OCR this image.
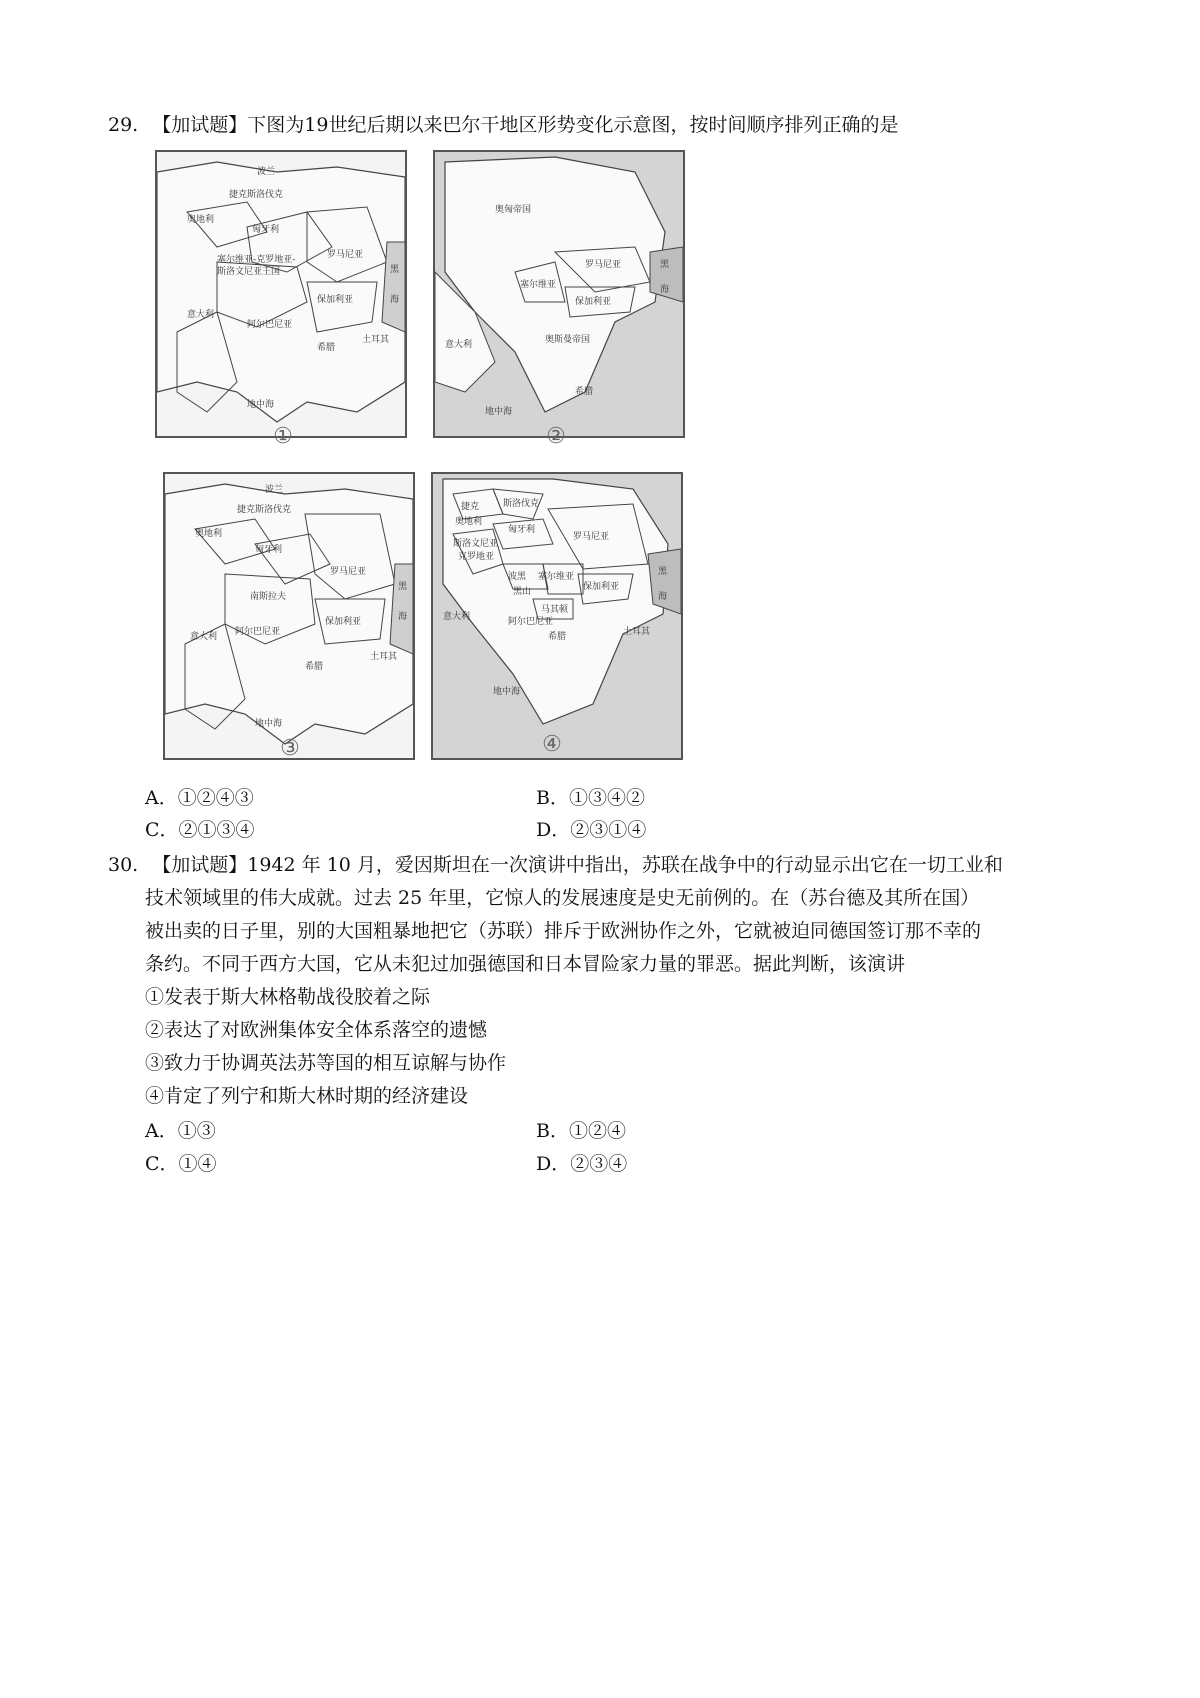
29. 【加试题】下图为19世纪后期以来巴尔干地区形势变化示意图，按时间顺序排列正确的是
波兰
捷克斯洛伐克
奥地利
匈牙利
罗马尼亚
塞尔维亚-克罗地亚-
斯洛文尼亚王国
保加利亚
意大利
阿尔巴尼亚
土耳其
希腊
地中海
黑
海
①
奥匈帝国
罗马尼亚
塞尔维亚
保加利亚
奥斯曼帝国
意大利
希腊
地中海
黑
海
②
波兰
捷克斯洛伐克
奥地利
匈牙利
罗马尼亚
南斯拉夫
保加利亚
意大利 阿尔巴尼亚
土耳其
希腊
地中海
黑
海
③
捷克	斯洛伐克
奥地利
匈牙利
罗马尼亚
斯洛文尼亚
克罗地亚
波黑 塞尔维亚
黑山	保加利亚
马其顿
阿尔巴尼亚
意大利
希腊	土耳其
地中海
黑
海
④
A．①②④③	B．①③④②
C．②①③④	D．②③①④
30. 【加试题】1942 年 10 月，爱因斯坦在一次演讲中指出，苏联在战争中的行动显示出它在一切工业和
技术领域里的伟大成就。过去 25 年里，它惊人的发展速度是史无前例的。在（苏台德及其所在国）
被出卖的日子里，别的大国粗暴地把它（苏联）排斥于欧洲协作之外，它就被迫同德国签订那不幸的
条约。不同于西方大国，它从未犯过加强德国和日本冒险家力量的罪恶。据此判断，该演讲
①发表于斯大林格勒战役胶着之际
②表达了对欧洲集体安全体系落空的遗憾
③致力于协调英法苏等国的相互谅解与协作
④肯定了列宁和斯大林时期的经济建设
A．①③	B．①②④
C．①④	D．②③④
